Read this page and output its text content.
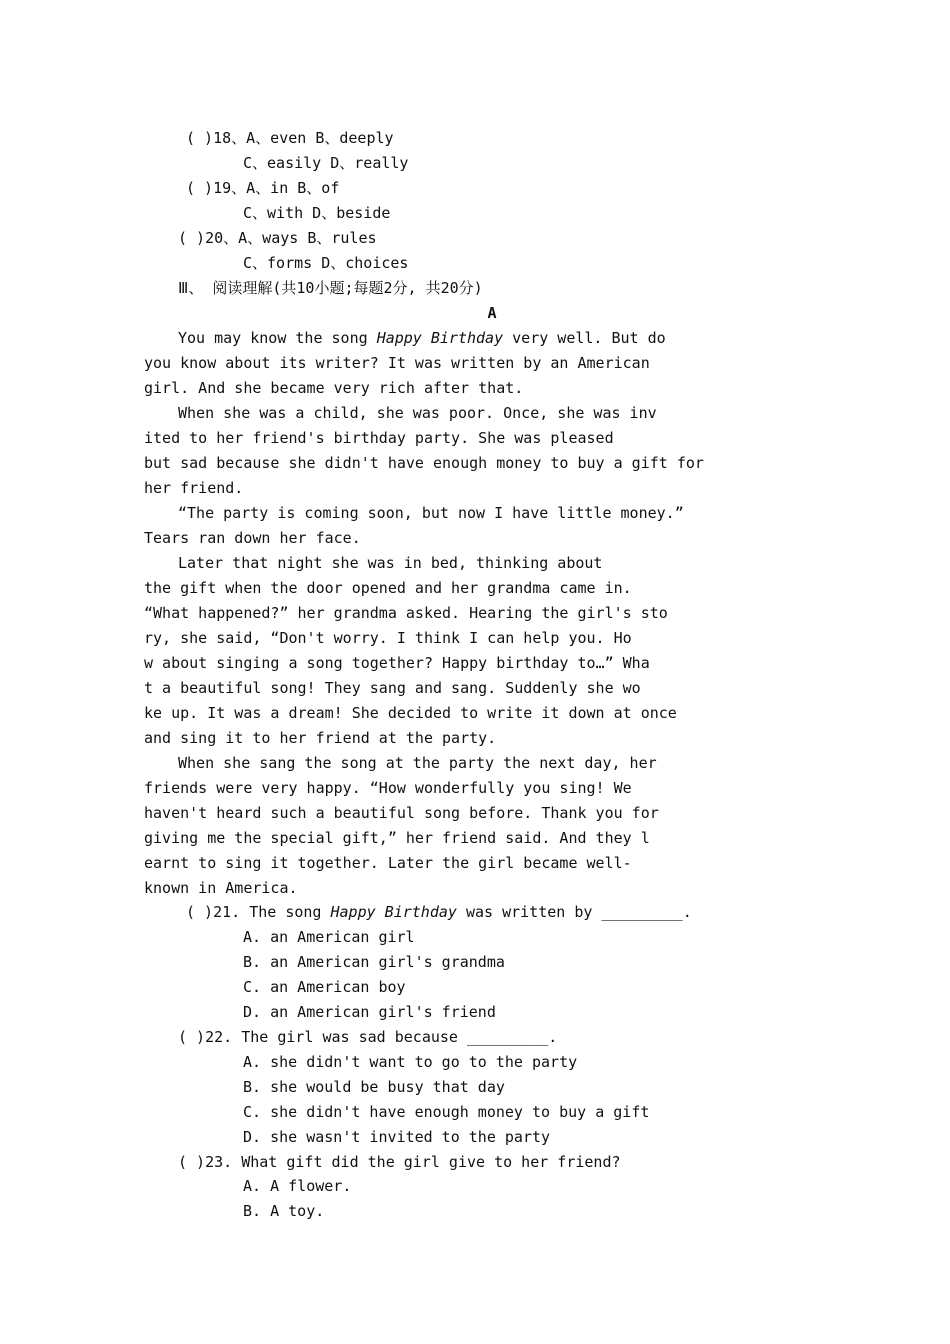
( )18、A、even B、deeply
C、easily D、really
( )19、A、in B、of
C、with D、beside
( )20、A、ways B、rules
C、forms D、choices
Ⅲ、 阅读理解(共10小题;每题2分, 共20分)
A
You may know the song Happy Birthday very well. But do
you know about its writer? It was written by an American
girl. And she became very rich after that.
When she was a child, she was poor. Once, she was inv
ited to her friend's birthday party. She was pleased
but sad because she didn't have enough money to buy a gift for
her friend.
“The party is coming soon, but now I have little money.”
Tears ran down her face.
Later that night she was in bed, thinking about
the gift when the door opened and her grandma came in.
“What happened?” her grandma asked. Hearing the girl's sto
ry, she said, “Don't worry. I think I can help you. Ho
w about singing a song together? Happy birthday to…” Wha
t a beautiful song! They sang and sang. Suddenly she wo
ke up. It was a dream! She decided to write it down at once
and sing it to her friend at the party.
When she sang the song at the party the next day, her
friends were very happy. “How wonderfully you sing! We
haven't heard such a beautiful song before. Thank you for
giving me the special gift,” her friend said. And they l
earnt to sing it together. Later the girl became well-
known in America.
( )21. The song Happy Birthday was written by _________.
A. an American girl
B. an American girl's grandma
C. an American boy
D. an American girl's friend
( )22. The girl was sad because _________.
A. she didn't want to go to the party
B. she would be busy that day
C. she didn't have enough money to buy a gift
D. she wasn't invited to the party
( )23. What gift did the girl give to her friend?
A. A flower.
B. A toy.
